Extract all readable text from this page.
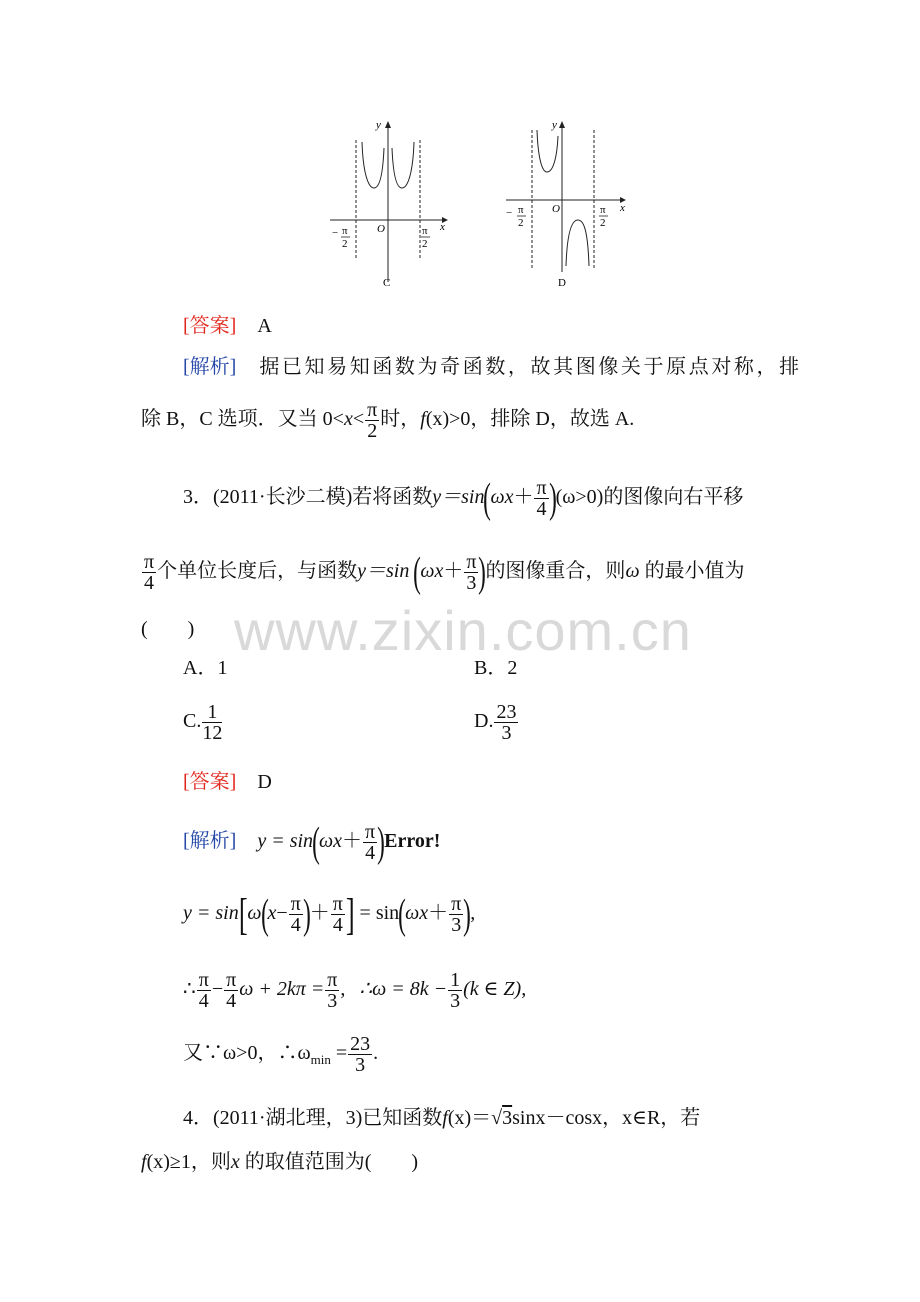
y
x
O
− π
2
π
2
C
y
x
O
− π
2
π
2
D
[答案] A
[解析] 据已知易知函数为奇函数，故其图像关于原点对称，排
除 B，C 选项．又当 $0<x< \frac{\pi}{2}$ 时，f(x)>0，排除 D，故选 A.
3．(2011·长沙二模)若将函数$y=\sin(\omega x+ \frac{\pi}{4} )(\omega>0)$的图像向右平移
$\frac{\pi}{4}$ 个单位长度后，与函数y＝sin ($\omega x+ \frac{\pi}{3}$ )的图像重合，则ω 的最小值为
(　　)
A．1	B．2
C. $\frac{1}{12}$	D. $\frac{23}{3}$
[答案] D
[解析] $y = \sin(\omega x+ \frac{\pi}{4}$ )Error!
$y = \sin[\omega(x- \frac{\pi}{4}$ )＋ $\frac{\pi}{4}$ ] = $\sin(\omega x+ \frac{\pi}{3}$ ),
∴ $\frac{\pi}{4} - \frac{\pi}{4}$ $\omega + 2k\pi = \frac{\pi}{3}$ , ∴ω = $8k - \frac{1}{3} (k$ ∈ Z),
又∵ω>0，$\therefore\omega_{min} = \frac{23}{3}$ .
4．(2011·湖北理，3)已知函数f(x)＝√3sinx－cosx，x∈R，若
f(x)≥1，则x 的取值范围为(　　)
www.zixin.com.cn
